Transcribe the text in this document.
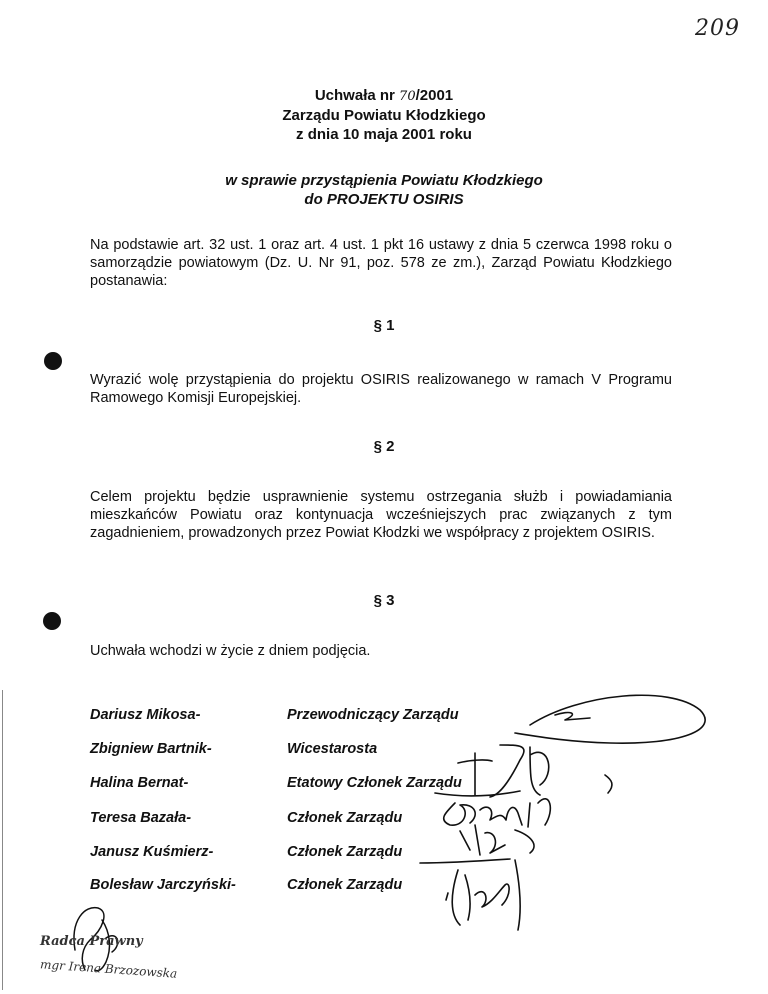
209
Uchwała nr 70/2001
Zarządu Powiatu Kłodzkiego
z dnia 10 maja 2001 roku
w sprawie przystąpienia Powiatu Kłodzkiego
do PROJEKTU OSIRIS
Na podstawie art. 32 ust. 1 oraz art. 4 ust. 1 pkt 16 ustawy z dnia 5 czerwca 1998 roku o samorządzie powiatowym (Dz. U. Nr 91, poz. 578 ze zm.), Zarząd Powiatu Kłodzkiego postanawia:
§ 1
Wyrazić wolę przystąpienia do projektu OSIRIS realizowanego w ramach V Programu Ramowego Komisji Europejskiej.
§ 2
Celem projektu będzie usprawnienie systemu ostrzegania służb i powiadamiania mieszkańców Powiatu oraz kontynuacja wcześniejszych prac związanych z tym zagadnieniem, prowadzonych przez Powiat Kłodzki we współpracy z projektem OSIRIS.
§ 3
Uchwała wchodzi w życie z dniem podjęcia.
Dariusz Mikosa-	Przewodniczący Zarządu
Zbigniew Bartnik-	Wicestarosta
Halina Bernat-	Etatowy Członek Zarządu
Teresa Bazała-	Członek Zarządu
Janusz Kuśmierz-	Członek Zarządu
Bolesław Jarczyński-	Członek Zarządu
Radca Prawny
mgr Irena Brzozowska
